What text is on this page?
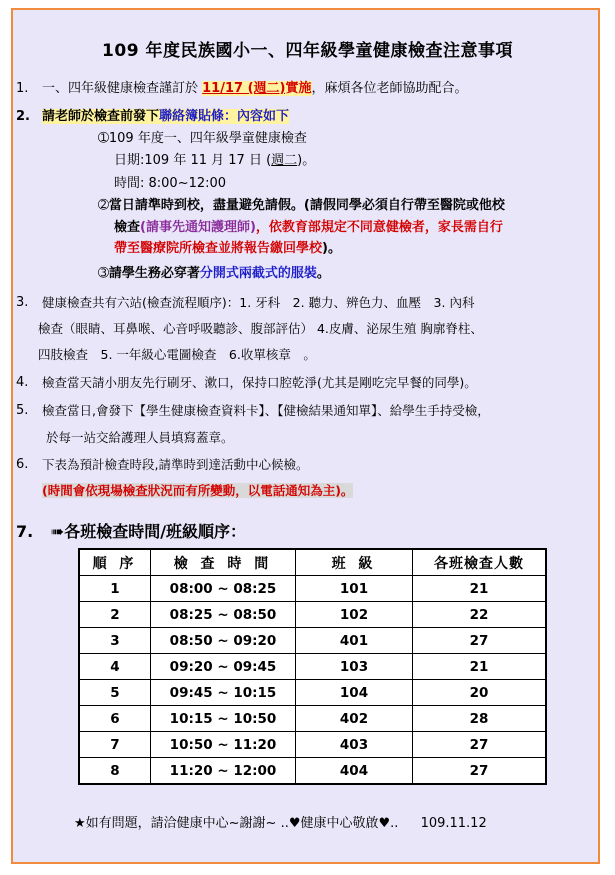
109 年度民族國小一、四年級學童健康檢查注意事項
1. 一、四年級健康檢查謹訂於 11/17 (週二)實施，麻煩各位老師協助配合。
2. 請老師於檢查前發下聯絡簿貼條：內容如下
➀109 年度一、四年級學童健康檢查
日期:109 年 11 月 17 日 (週二)。
時間: 8:00~12:00
➁當日請準時到校，盡量避免請假。(請假同學必須自行帶至醫院或他校
檢查(請事先通知護理師)，依教育部規定不同意健檢者，家長需自行
帶至醫療院所檢查並將報告繳回學校)。
➂請學生務必穿著分開式兩截式的服裝。
3. 健康檢查共有六站(檢查流程順序)：1. 牙科　2. 聽力、辨色力、血壓　3. 內科
檢查（眼睛、耳鼻喉、心音呼吸聽診、腹部評估） 4.皮膚、泌尿生殖 胸廓脊柱、
四肢檢查　5. 一年級心電圖檢查　6.收單核章　。
4. 檢查當天請小朋友先行刷牙、漱口，保持口腔乾淨(尤其是剛吃完早餐的同學)。
5. 檢查當日,會發下【學生健康檢查資料卡】、【健檢結果通知單】、給學生手持受檢，
於每一站交給護理人員填寫蓋章。
6. 下表為預計檢查時段,請準時到達活動中心候檢。
(時間會依現場檢查狀況而有所變動，以電話通知為主)。
7. ➠各班檢查時間/班級順序：
順 序	檢 查 時 間	班 級	各班檢查人數
1	08:00 ~ 08:25	101	21
2	08:25 ~ 08:50	102	22
3	08:50 ~ 09:20	401	27
4	09:20 ~ 09:45	103	21
5	09:45 ~ 10:15	104	20
6	10:15 ~ 10:50	402	28
7	10:50 ~ 11:20	403	27
8	11:20 ~ 12:00	404	27
★如有問題，請洽健康中心~謝謝~ ..♥健康中心敬啟♥.. 109.11.12
